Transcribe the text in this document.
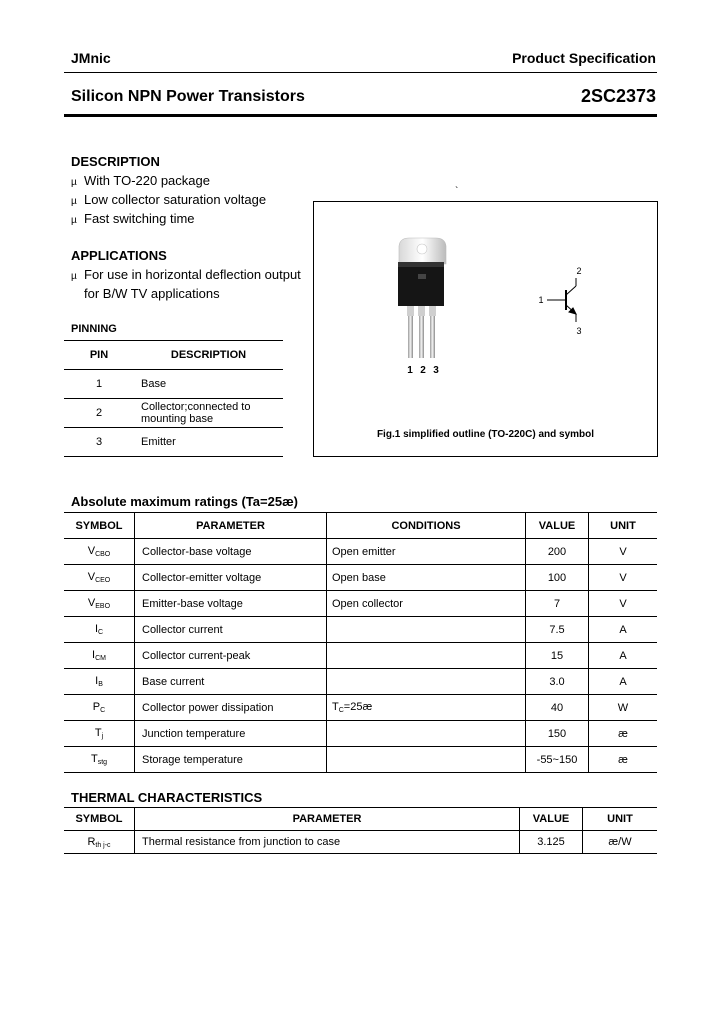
JMnic	Product Specification
Silicon NPN Power Transistors	2SC2373
DESCRIPTION
µ With TO-220 package
µ Low collector saturation voltage
µ Fast switching time
APPLICATIONS
µ For use in horizontal deflection output
for B/W TV applications
PINNING
PIN	DESCRIPTION
1	Base
2	Collector;connected to mounting base

3	Emitter
`
1 2 3
1
2
3
Fig.1 simplified outline (TO-220C) and symbol
Absolute maximum ratings (Ta=25æ)
SYMBOL	PARAMETER	CONDITIONS	VALUE	UNIT
$V_{CBO}$	Collector-base voltage	Open emitter	200	V
$V_{CEO}$	Collector-emitter voltage	Open base	100	V
$V_{EBO}$	Emitter-base voltage	Open collector	7	V
$I_C$	Collector current		7.5	A
$I_{CM}$	Collector current-peak		15	A
$I_B$	Base current		3.0	A
$P_C$	Collector power dissipation	$T_C=25æ$	40	W
$T_j$	Junction temperature		150	æ
$T_{stg}$	Storage temperature		-55~150	æ
THERMAL CHARACTERISTICS
SYMBOL	PARAMETER	VALUE	UNIT
$R_{th j-c}$	Thermal resistance from junction to case	3.125	æ/W
